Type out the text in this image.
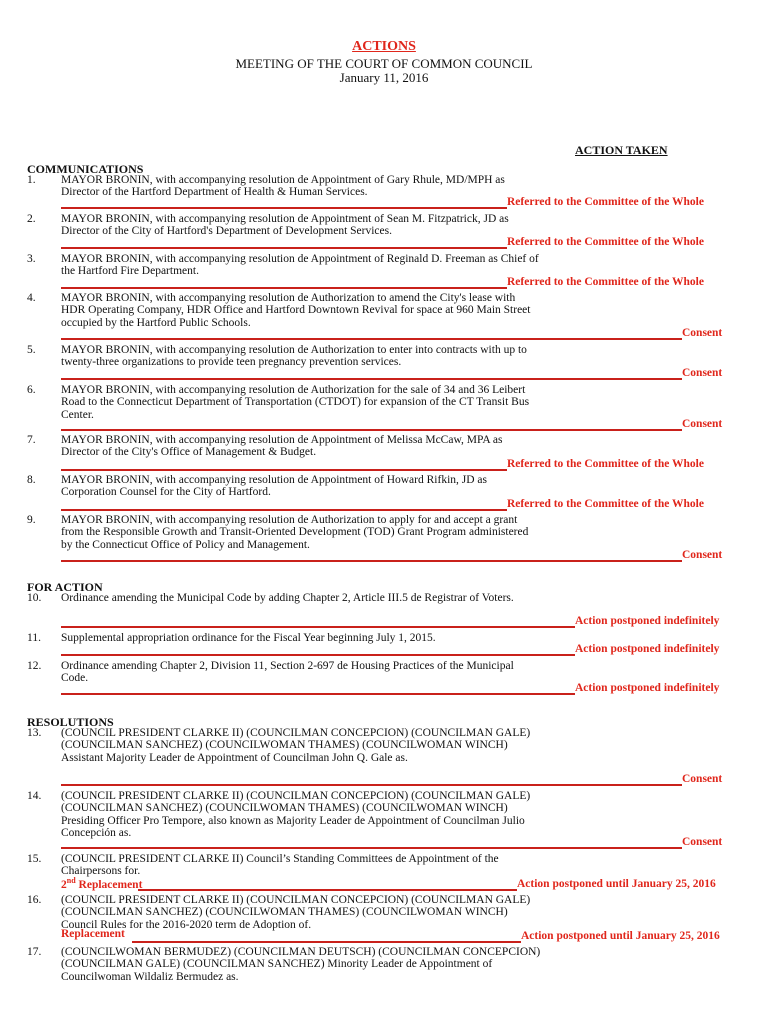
ACTIONS
MEETING OF THE COURT OF COMMON COUNCIL
January 11, 2016
ACTION TAKEN
COMMUNICATIONS
FOR ACTION
RESOLUTIONS
1. MAYOR BRONIN, with accompanying resolution de Appointment of Gary Rhule, MD/MPH as Director of the Hartford Department of Health & Human Services.
Referred to the Committee of the Whole
2. MAYOR BRONIN, with accompanying resolution de Appointment of Sean M. Fitzpatrick, JD as Director of the City of Hartford's Department of Development Services.
Referred to the Committee of the Whole
3. MAYOR BRONIN, with accompanying resolution de Appointment of Reginald D. Freeman as Chief of the Hartford Fire Department.
Referred to the Committee of the Whole
4. MAYOR BRONIN, with accompanying resolution de Authorization to amend the City's lease with HDR Operating Company, HDR Office and Hartford Downtown Revival for space at 960 Main Street occupied by the Hartford Public Schools.
Consent
5. MAYOR BRONIN, with accompanying resolution de Authorization to enter into contracts with up to twenty-three organizations to provide teen pregnancy prevention services.
Consent
6. MAYOR BRONIN, with accompanying resolution de Authorization for the sale of 34 and 36 Leibert Road to the Connecticut Department of Transportation (CTDOT) for expansion of the CT Transit Bus Center.
Consent
7. MAYOR BRONIN, with accompanying resolution de Appointment of Melissa McCaw, MPA as Director of the City's Office of Management & Budget.
Referred to the Committee of the Whole
8. MAYOR BRONIN, with accompanying resolution de Appointment of Howard Rifkin, JD as Corporation Counsel for the City of Hartford.
Referred to the Committee of the Whole
9. MAYOR BRONIN, with accompanying resolution de Authorization to apply for and accept a grant from the Responsible Growth and Transit-Oriented Development (TOD) Grant Program administered by the Connecticut Office of Policy and Management.
Consent
10. Ordinance amending the Municipal Code by adding Chapter 2, Article III.5 de Registrar of Voters.
Action postponed indefinitely
11. Supplemental appropriation ordinance for the Fiscal Year beginning July 1, 2015.
Action postponed indefinitely
12. Ordinance amending Chapter 2, Division 11, Section 2-697 de Housing Practices of the Municipal Code.
Action postponed indefinitely
13. (COUNCIL PRESIDENT CLARKE II) (COUNCILMAN CONCEPCION) (COUNCILMAN GALE) (COUNCILMAN SANCHEZ) (COUNCILWOMAN THAMES) (COUNCILWOMAN WINCH) Assistant Majority Leader de Appointment of Councilman John Q. Gale as.
Consent
14. (COUNCIL PRESIDENT CLARKE II) (COUNCILMAN CONCEPCION) (COUNCILMAN GALE) (COUNCILMAN SANCHEZ) (COUNCILWOMAN THAMES) (COUNCILWOMAN WINCH) Presiding Officer Pro Tempore, also known as Majority Leader de Appointment of Councilman Julio Concepción as.
Consent
15. (COUNCIL PRESIDENT CLARKE II) Council’s Standing Committees de Appointment of the Chairpersons for.
2nd Replacement	Action postponed until January 25, 2016
16. (COUNCIL PRESIDENT CLARKE II) (COUNCILMAN CONCEPCION) (COUNCILMAN GALE) (COUNCILMAN SANCHEZ) (COUNCILWOMAN THAMES) (COUNCILWOMAN WINCH) Council Rules for the 2016-2020 term de Adoption of.
Replacement	Action postponed until January 25, 2016
17. (COUNCILWOMAN BERMUDEZ) (COUNCILMAN DEUTSCH) (COUNCILMAN CONCEPCION) (COUNCILMAN GALE) (COUNCILMAN SANCHEZ) Minority Leader de Appointment of Councilwoman Wildaliz Bermudez as.
